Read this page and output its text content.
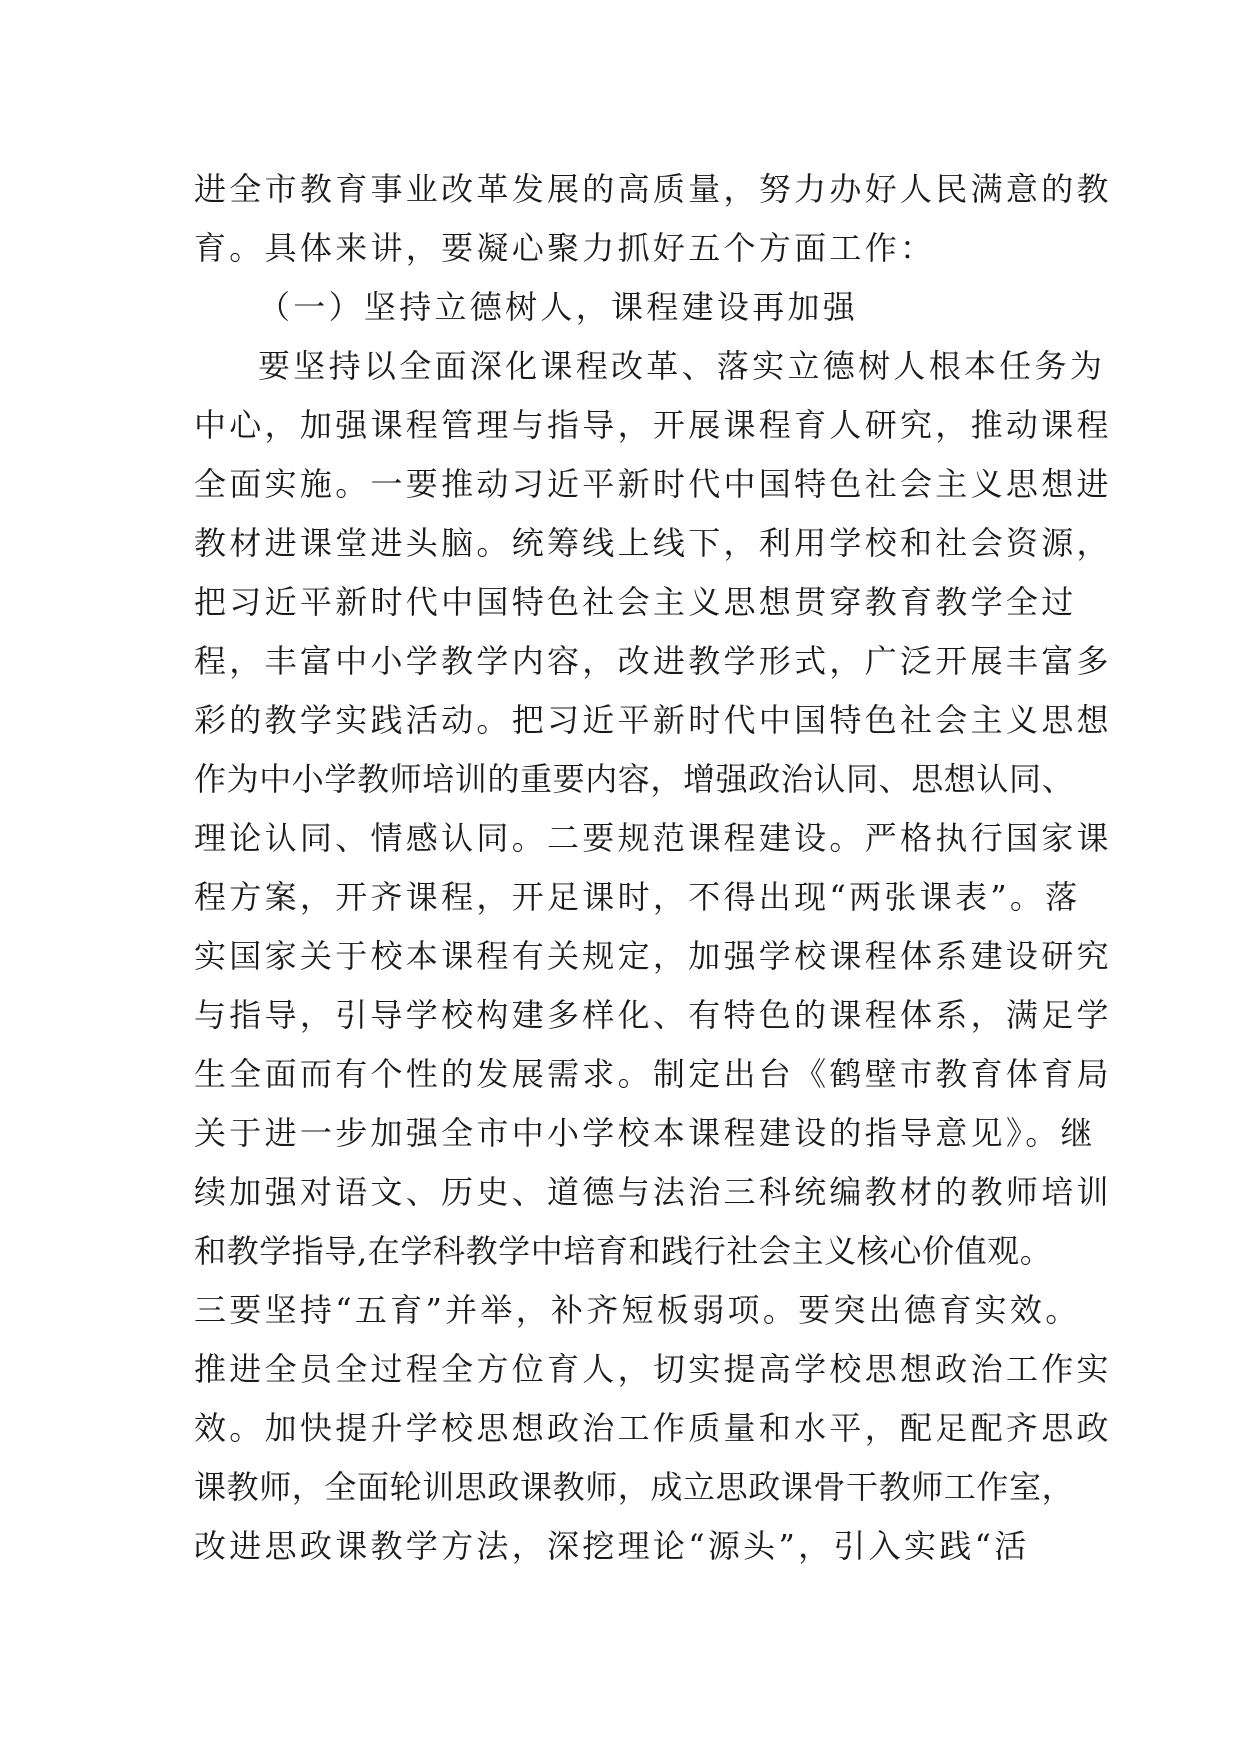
进全市教育事业改革发展的高质量，努力办好人民满意的教
育。具体来讲，要凝心聚力抓好五个方面工作：
（一）坚持立德树人，课程建设再加强
要坚持以全面深化课程改革、落实立德树人根本任务为
中心，加强课程管理与指导，开展课程育人研究，推动课程
全面实施。一要推动习近平新时代中国特色社会主义思想进
教材进课堂进头脑。统筹线上线下，利用学校和社会资源，
把习近平新时代中国特色社会主义思想贯穿教育教学全过
程，丰富中小学教学内容，改进教学形式，广泛开展丰富多
彩的教学实践活动。把习近平新时代中国特色社会主义思想
作为中小学教师培训的重要内容，增强政治认同、思想认同、
理论认同、情感认同。二要规范课程建设。严格执行国家课
程方案，开齐课程，开足课时，不得出现“两张课表”。落
实国家关于校本课程有关规定，加强学校课程体系建设研究
与指导，引导学校构建多样化、有特色的课程体系，满足学
生全面而有个性的发展需求。制定出台《鹤壁市教育体育局
关于进一步加强全市中小学校本课程建设的指导意见》。继
续加强对语文、历史、道德与法治三科统编教材的教师培训
和教学指导,在学科教学中培育和践行社会主义核心价值观。
三要坚持“五育”并举，补齐短板弱项。要突出德育实效。
推进全员全过程全方位育人，切实提高学校思想政治工作实
效。加快提升学校思想政治工作质量和水平，配足配齐思政
课教师，全面轮训思政课教师，成立思政课骨干教师工作室，
改进思政课教学方法，深挖理论“源头”，引入实践“活
